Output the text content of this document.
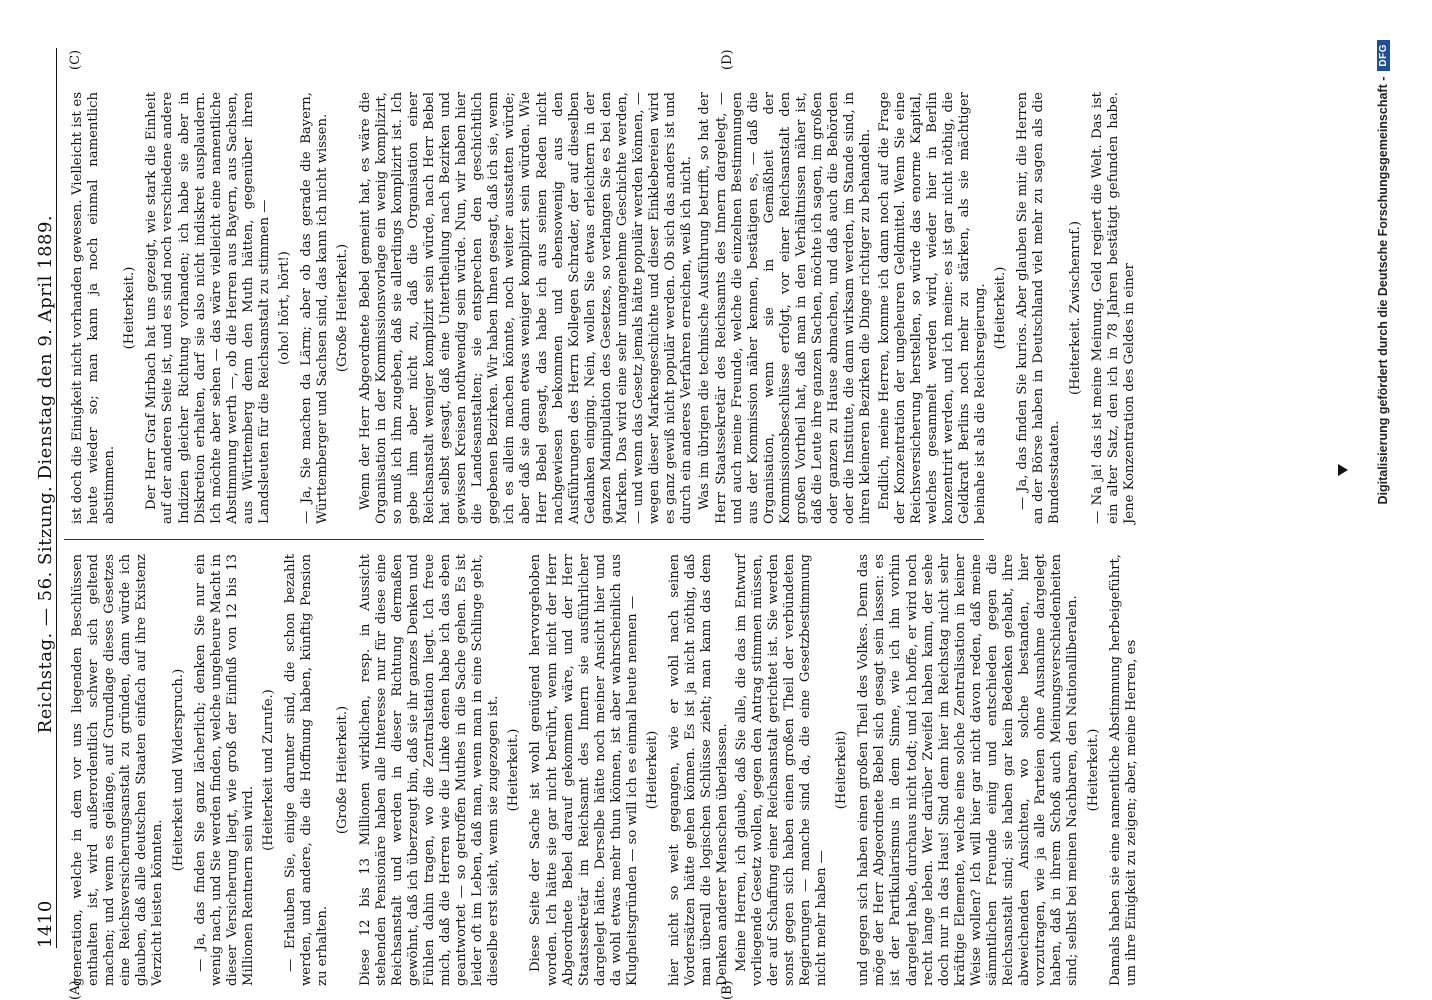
1410
Reichstag. — 56. Sitzung. Dienstag den 9. April 1889.
(A)	(B)
(C)	(D)

generation, welche in dem vor uns liegenden Beschlüssen enthalten ist, wird außerordentlich schwer sich geltend machen; und wenn es gelänge, auf Grundlage dieses Gesetzes eine Reichsversicherungsanstalt zu gründen, dann würde ich glauben, daß alle deutschen Staaten einfach auf ihre Existenz Verzicht leisten könnten.

(Heiterkeit und Widerspruch.) — Ja, das finden Sie ganz lächerlich; denken Sie nur ein wenig nach, und Sie werden finden, welche ungeheure Macht in dieser Versicherung liegt, wie groß der Einfluß von 12 bis 13 Millionen Rentnern sein wird.

(Heiterkeit und Zurufe.) — Erlauben Sie, einige darunter sind, die schon bezahlt werden, und andere, die die Hoffnung haben, künftig Pension zu erhalten.

(Große Heiterkeit.) Diese 12 bis 13 Millionen wirklichen, resp. in Aussicht stehenden Pensionäre haben alle Interesse nur für diese eine Reichsanstalt und werden in dieser Richtung dermaßen gewöhnt, daß ich überzeugt bin, daß sie ihr ganzes Denken und Fühlen dahin tragen, wo die Zentralstation liegt. Ich freue mich, daß die Herren wie die Linke denen habe ich das eben geantwortet — so getroffen Muthes in die Sache gehen. Es ist leider oft im Leben, daß man, wenn man in eine Schlinge geht, dieselbe erst sieht, wenn sie zugezogen ist. (Heiterkeit.) Diese Seite der Sache ist wohl genügend hervorgehoben worden. Ich hätte sie gar nicht berührt, wenn nicht der Herr Abgeordnete Bebel darauf gekommen wäre, und der Herr Staatssekretär im Reichsamt des Innern sie ausführlicher dargelegt hätte. Derselbe hätte noch meiner Ansicht hier und da wohl etwas mehr thun können, ist aber wahrscheinlich aus Klugheitsgründen — so will ich es einmal heute nennen — (Heiterkeit) hier nicht so weit gegangen, wie er wohl nach seinen Vordersätzen hätte gehen können. Es ist ja nicht nöthig, daß man überall die logischen Schlüsse zieht; man kann das dem Denken anderer Menschen überlassen. Meine Herren, ich glaube, daß Sie alle, die das im Entwurf vorliegende Gesetz wollen, gegen den Antrag stimmen müssen, der auf Schaffung einer Reichsanstalt gerichtet ist. Sie werden sonst gegen sich haben einen großen Theil der verbündeten Regierungen — manche sind da, die eine Gesetzbestimmung nicht mehr haben —

(Heiterkeit) und gegen sich haben einen großen Theil des Volkes. Denn das möge der Herr Abgeordnete Bebel sich gesagt sein lassen: es ist der Partikularismus in dem Sinne, wie ich ihn vorhin dargelegt habe, durchaus nicht todt; und ich hoffe, er wird noch recht lange leben. Wer darüber Zweifel haben kann, der sehe doch nur in das Haus! Sind denn hier im Reichstag nicht sehr kräftige Elemente, welche eine solche Zentralisation in keiner Weise wollen? Ich will hier gar nicht davon reden, daß meine sämmtlichen Freunde einig und entschieden gegen die Reichsanstalt sind; sie haben gar kein Bedenken gehabt, ihre abweichenden Ansichten, wo solche bestanden, hier vorzutragen, wie ja alle Parteien ohne Ausnahme dargelegt haben, daß in ihrem Schoß auch Meinungsverschiedenheiten sind; selbst bei meinen Nachbaren, den Nationalliberalen. (Heiterkeit.) Damals haben sie eine namentliche Abstimmung herbeigeführt, um ihre Einigkeit zu zeigen; aber, meine Herren, es

ist doch die Einigkeit nicht vorhanden gewesen. Vielleicht ist es heute wieder so; man kann ja noch einmal namentlich abstimmen.

(Heiterkeit.) Der Herr Graf Mirbach hat uns gezeigt, wie stark die Einheit auf der anderen Seite ist, und es sind noch verschiedene andere Indizien gleicher Richtung vorhanden; ich habe sie aber in Diskretion erhalten, darf sie also nicht indiskret ausplaudern. Ich möchte aber sehen — das wäre vielleicht eine namentliche Abstimmung werth —, ob die Herren aus Bayern, aus Sachsen, aus Württemberg denn den Muth hätten, gegenüber ihren Landsleuten für die Reichsanstalt zu stimmen — (oho! hört, hört!) — Ja, Sie machen da Lärm; aber ob das gerade die Bayern, Württemberger und Sachsen sind, das kann ich nicht wissen. (Große Heiterkeit.) Wenn der Herr Abgeordnete Bebel gemeint hat, es wäre die Organisation in der Kommissionsvorlage ein wenig komplizirt, so muß ich ihm zugeben, daß sie allerdings komplizirt ist. Ich gebe ihm aber nicht zu, daß die Organisation einer Reichsanstalt weniger komplizirt sein würde, nach Herr Bebel hat selbst gesagt, daß eine Untertheilung nach Bezirken und gewissen Kreisen nothwendig sein würde. Nun, wir haben hier die Landesanstalten; sie entsprechen den geschichtlich gegebenen Bezirken. Wir haben Ihnen gesagt, daß ich sie, wenn ich es allein machen könnte, noch weiter ausstatten würde; aber daß sie dann etwas weniger komplizirt sein würden. Wie Herr Bebel gesagt, das habe ich aus seinen Reden nicht nachgewiesen bekommen und ebensowenig aus den Ausführungen des Herrn Kollegen Schrader, der auf dieselben Gedanken einging. Nein, wollen Sie etwas erleichtern in der ganzen Manipulation des Gesetzes, so verlangen Sie es bei den Marken. Das wird eine sehr unangenehme Geschichte werden, — und wenn das Gesetz jemals hätte populär werden können, — wegen dieser Markengeschichte und dieser Einklebereien wird es ganz gewiß nicht populär werden. Ob sich das anders ist und durch ein anderes Verfahren erreichen, weiß ich nicht. Was im übrigen die technische Ausführung betrifft, so hat der Herr Staatssekretär des Reichsamts des Innern dargelegt, — und auch meine Freunde, welche die einzelnen Bestimmungen aus der Kommission näher kennen, bestätigen es, — daß die Organisation, wenn sie in Gemäßheit der Kommissionsbeschlüsse erfolgt, vor einer Reichsanstalt den großen Vortheil hat, daß man in den Verhältnissen näher ist, daß die Leute ihre ganzen Sachen, möchte ich sagen, im großen oder ganzen zu Hause abmachen, und daß auch die Behörden oder die Institute, die dann wirksam werden, im Stande sind, in ihren kleineren Bezirken die Dinge richtiger zu behandeln. Endlich, meine Herren, komme ich dann noch auf die Frage der Konzentration der ungeheuren Geldmittel. Wenn Sie eine Reichsversicherung herstellen, so würde das enorme Kapital, welches gesammelt werden wird, wieder hier in Berlin konzentrirt werden, und ich meine: es ist gar nicht nöthig, die Geldkraft Berlins noch mehr zu stärken, als sie mächtiger beinahe ist als die Reichsregierung. (Heiterkeit.) — Ja, das finden Sie kurios. Aber glauben Sie mir, die Herren an der Börse haben in Deutschland viel mehr zu sagen als die Bundesstaaten.

(Heiterkeit. Zwischenruf.) — Na ja! das ist meine Meinung. Geld regiert die Welt. Das ist ein alter Satz, den ich in 78 Jahren bestätigt gefunden habe. Jene Konzentration des Geldes in einer	Digitalisierung gefördert durch die Deutsche Forschungsgemeinschaft -
DFG
